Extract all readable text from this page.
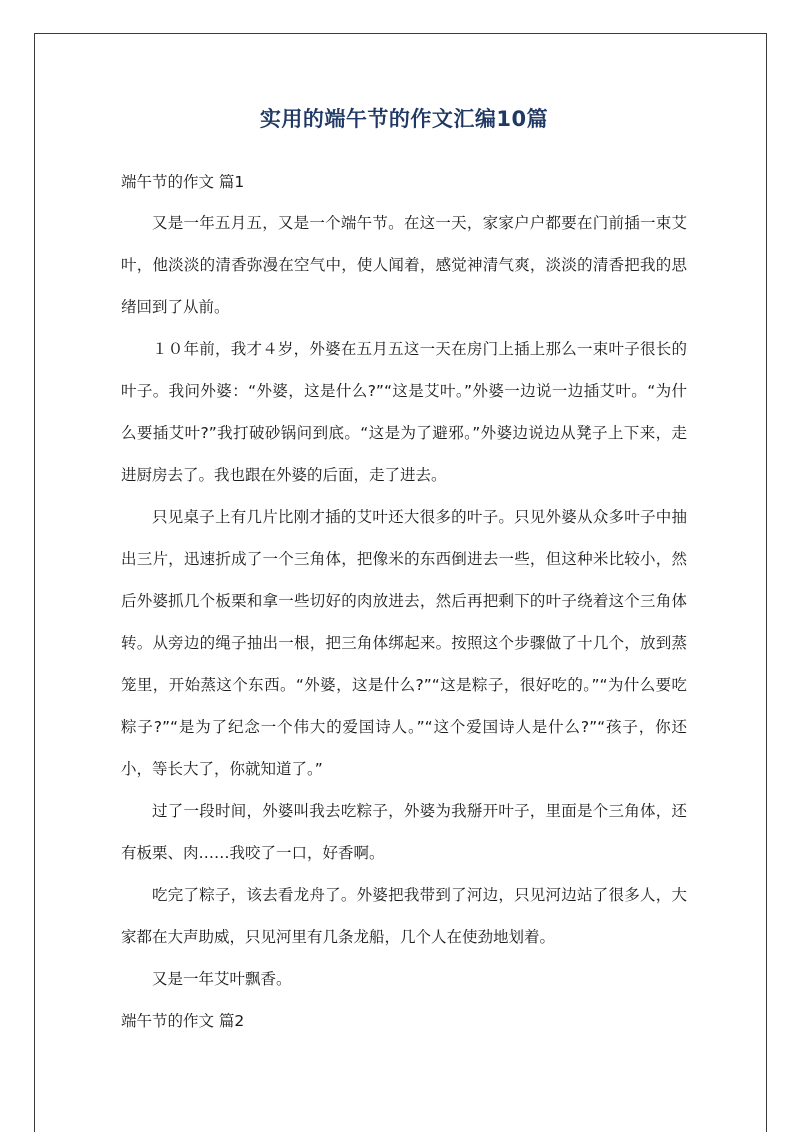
实用的端午节的作文汇编10篇
端午节的作文 篇1

又是一年五月五，又是一个端午节。在这一天，家家户户都要在门前插一束艾叶，他淡淡的清香弥漫在空气中，使人闻着，感觉神清气爽，淡淡的清香把我的思绪回到了从前。

１０年前，我才４岁，外婆在五月五这一天在房门上插上那么一束叶子很长的叶子。我问外婆：“外婆，这是什么?”“这是艾叶。”外婆一边说一边插艾叶。“为什么要插艾叶?”我打破砂锅问到底。“这是为了避邪。”外婆边说边从凳子上下来，走进厨房去了。我也跟在外婆的后面，走了进去。

只见桌子上有几片比刚才插的艾叶还大很多的叶子。只见外婆从众多叶子中抽出三片，迅速折成了一个三角体，把像米的东西倒进去一些，但这种米比较小，然后外婆抓几个板栗和拿一些切好的肉放进去，然后再把剩下的叶子绕着这个三角体转。从旁边的绳子抽出一根，把三角体绑起来。按照这个步骤做了十几个，放到蒸笼里，开始蒸这个东西。“外婆，这是什么?”“这是粽子，很好吃的。”“为什么要吃粽子?”“是为了纪念一个伟大的爱国诗人。”“这个爱国诗人是什么?”“孩子，你还小，等长大了，你就知道了。”

过了一段时间，外婆叫我去吃粽子，外婆为我掰开叶子，里面是个三角体，还有板栗、肉……我咬了一口，好香啊。

吃完了粽子，该去看龙舟了。外婆把我带到了河边，只见河边站了很多人，大家都在大声助威，只见河里有几条龙船，几个人在使劲地划着。

又是一年艾叶飘香。

端午节的作文 篇2
